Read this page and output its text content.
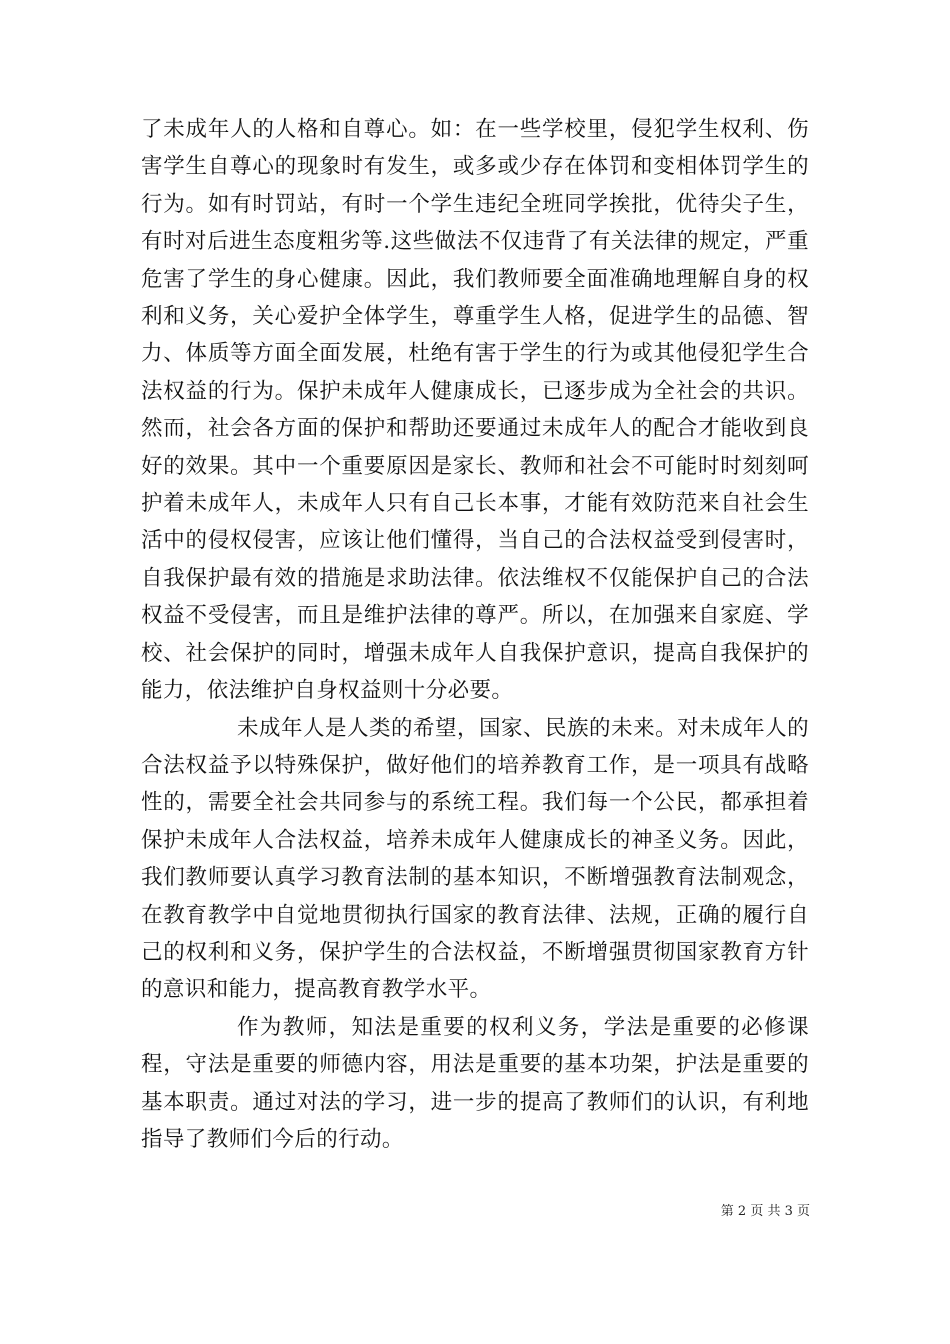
了未成年人的人格和自尊心。如：在一些学校里，侵犯学生权利、伤害学生自尊心的现象时有发生，或多或少存在体罚和变相体罚学生的行为。如有时罚站，有时一个学生违纪全班同学挨批，优待尖子生，有时对后进生态度粗劣等.这些做法不仅违背了有关法律的规定，严重危害了学生的身心健康。因此，我们教师要全面准确地理解自身的权利和义务，关心爱护全体学生，尊重学生人格，促进学生的品德、智力、体质等方面全面发展，杜绝有害于学生的行为或其他侵犯学生合法权益的行为。保护未成年人健康成长，已逐步成为全社会的共识。然而，社会各方面的保护和帮助还要通过未成年人的配合才能收到良好的效果。其中一个重要原因是家长、教师和社会不可能时时刻刻呵护着未成年人，未成年人只有自己长本事，才能有效防范来自社会生活中的侵权侵害，应该让他们懂得，当自己的合法权益受到侵害时，自我保护最有效的措施是求助法律。依法维权不仅能保护自己的合法权益不受侵害，而且是维护法律的尊严。所以，在加强来自家庭、学校、社会保护的同时，增强未成年人自我保护意识，提高自我保护的能力，依法维护自身权益则十分必要。

未成年人是人类的希望，国家、民族的未来。对未成年人的合法权益予以特殊保护，做好他们的培养教育工作，是一项具有战略性的，需要全社会共同参与的系统工程。我们每一个公民，都承担着保护未成年人合法权益，培养未成年人健康成长的神圣义务。因此，我们教师要认真学习教育法制的基本知识，不断增强教育法制观念，在教育教学中自觉地贯彻执行国家的教育法律、法规，正确的履行自己的权利和义务，保护学生的合法权益，不断增强贯彻国家教育方针的意识和能力，提高教育教学水平。

作为教师，知法是重要的权利义务，学法是重要的必修课程，守法是重要的师德内容，用法是重要的基本功架，护法是重要的基本职责。通过对法的学习，进一步的提高了教师们的认识，有利地指导了教师们今后的行动。

第 2 页 共 3 页
